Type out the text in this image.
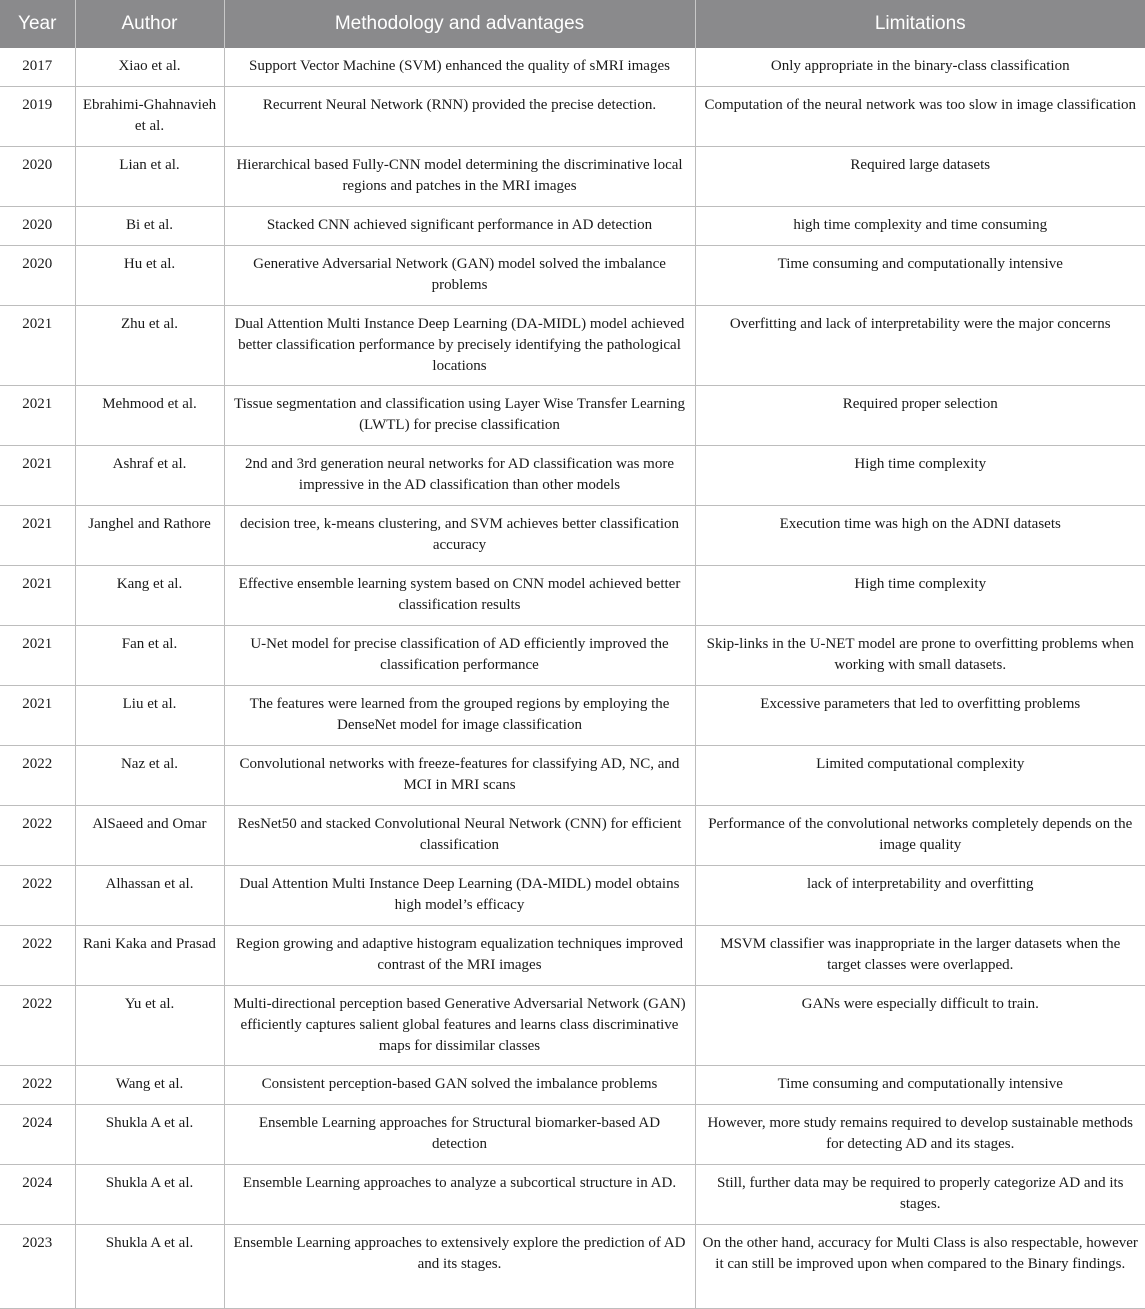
Year	Author	Methodology and advantages	Limitations
2017	Xiao et al.	Support Vector Machine (SVM) enhanced the quality of sMRI images	Only appropriate in the binary-class classification
2019	Ebrahimi-Ghahnavieh et al.	Recurrent Neural Network (RNN) provided the precise detection.	Computation of the neural network was too slow in image classification
2020	Lian et al.	Hierarchical based Fully-CNN model determining the discriminative local regions and patches in the MRI images	Required large datasets
2020	Bi et al.	Stacked CNN achieved significant performance in AD detection	high time complexity and time consuming
2020	Hu et al.	Generative Adversarial Network (GAN) model solved the imbalance problems	Time consuming and computationally intensive
2021	Zhu et al.	Dual Attention Multi Instance Deep Learning (DA-MIDL) model achieved better classification performance by precisely identifying the pathological locations	Overfitting and lack of interpretability were the major concerns
2021	Mehmood et al.	Tissue segmentation and classification using Layer Wise Transfer Learning (LWTL) for precise classification	Required proper selection
2021	Ashraf et al.	2nd and 3rd generation neural networks for AD classification was more impressive in the AD classification than other models	High time complexity
2021	Janghel and Rathore	decision tree, k-means clustering, and SVM achieves better classification accuracy	Execution time was high on the ADNI datasets
2021	Kang et al.	Effective ensemble learning system based on CNN model achieved better classification results	High time complexity
2021	Fan et al.	U-Net model for precise classification of AD efficiently improved the classification performance	Skip-links in the U-NET model are prone to overfitting problems when working with small datasets.
2021	Liu et al.	The features were learned from the grouped regions by employing the DenseNet model for image classification	Excessive parameters that led to overfitting problems
2022	Naz et al.	Convolutional networks with freeze-features for classifying AD, NC, and MCI in MRI scans	Limited computational complexity
2022	AlSaeed and Omar	ResNet50 and stacked Convolutional Neural Network (CNN) for efficient classification	Performance of the convolutional networks completely depends on the image quality
2022	Alhassan et al.	Dual Attention Multi Instance Deep Learning (DA-MIDL) model obtains high model’s efficacy	lack of interpretability and overfitting
2022	Rani Kaka and Prasad	Region growing and adaptive histogram equalization techniques improved contrast of the MRI images	MSVM classifier was inappropriate in the larger datasets when the target classes were overlapped.
2022	Yu et al.	Multi-directional perception based Generative Adversarial Network (GAN) efficiently captures salient global features and learns class discriminative maps for dissimilar classes	GANs were especially difficult to train.
2022	Wang et al.	Consistent perception-based GAN solved the imbalance problems	Time consuming and computationally intensive
2024	Shukla A et al.	Ensemble Learning approaches for Structural biomarker-based AD detection	However, more study remains required to develop sustainable methods for detecting AD and its stages.
2024	Shukla A et al.	Ensemble Learning approaches to analyze a subcortical structure in AD.	Still, further data may be required to properly categorize AD and its stages.
2023	Shukla A et al.	Ensemble Learning approaches to extensively explore the prediction of AD and its stages.	On the other hand, accuracy for Multi Class is also respectable, however it can still be improved upon when compared to the Binary findings.
